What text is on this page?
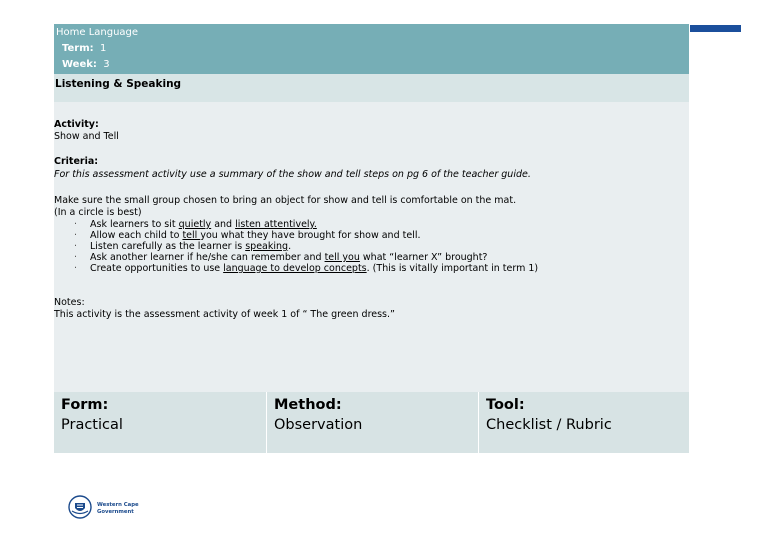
Home Language
Term: 1
Week: 3
Listening & Speaking
Activity:
Show and Tell
Criteria:
For this assessment activity use a summary of the show and tell steps on pg 6 of the teacher guide.
Make sure the small group chosen to bring an object for show and tell is comfortable on the mat.
(In a circle is best)
· Ask learners to sit quietly and listen attentively.
· Allow each child to tell you what they have brought for show and tell.
· Listen carefully as the learner is speaking.
· Ask another learner if he/she can remember and tell you what “learner X” brought?
· Create opportunities to use language to develop concepts. (This is vitally important in term 1)
Notes:
This activity is the assessment activity of week 1 of “ The green dress.”
Form:
Practical
Method:
Observation
Tool:
Checklist / Rubric
Western Cape
Government
